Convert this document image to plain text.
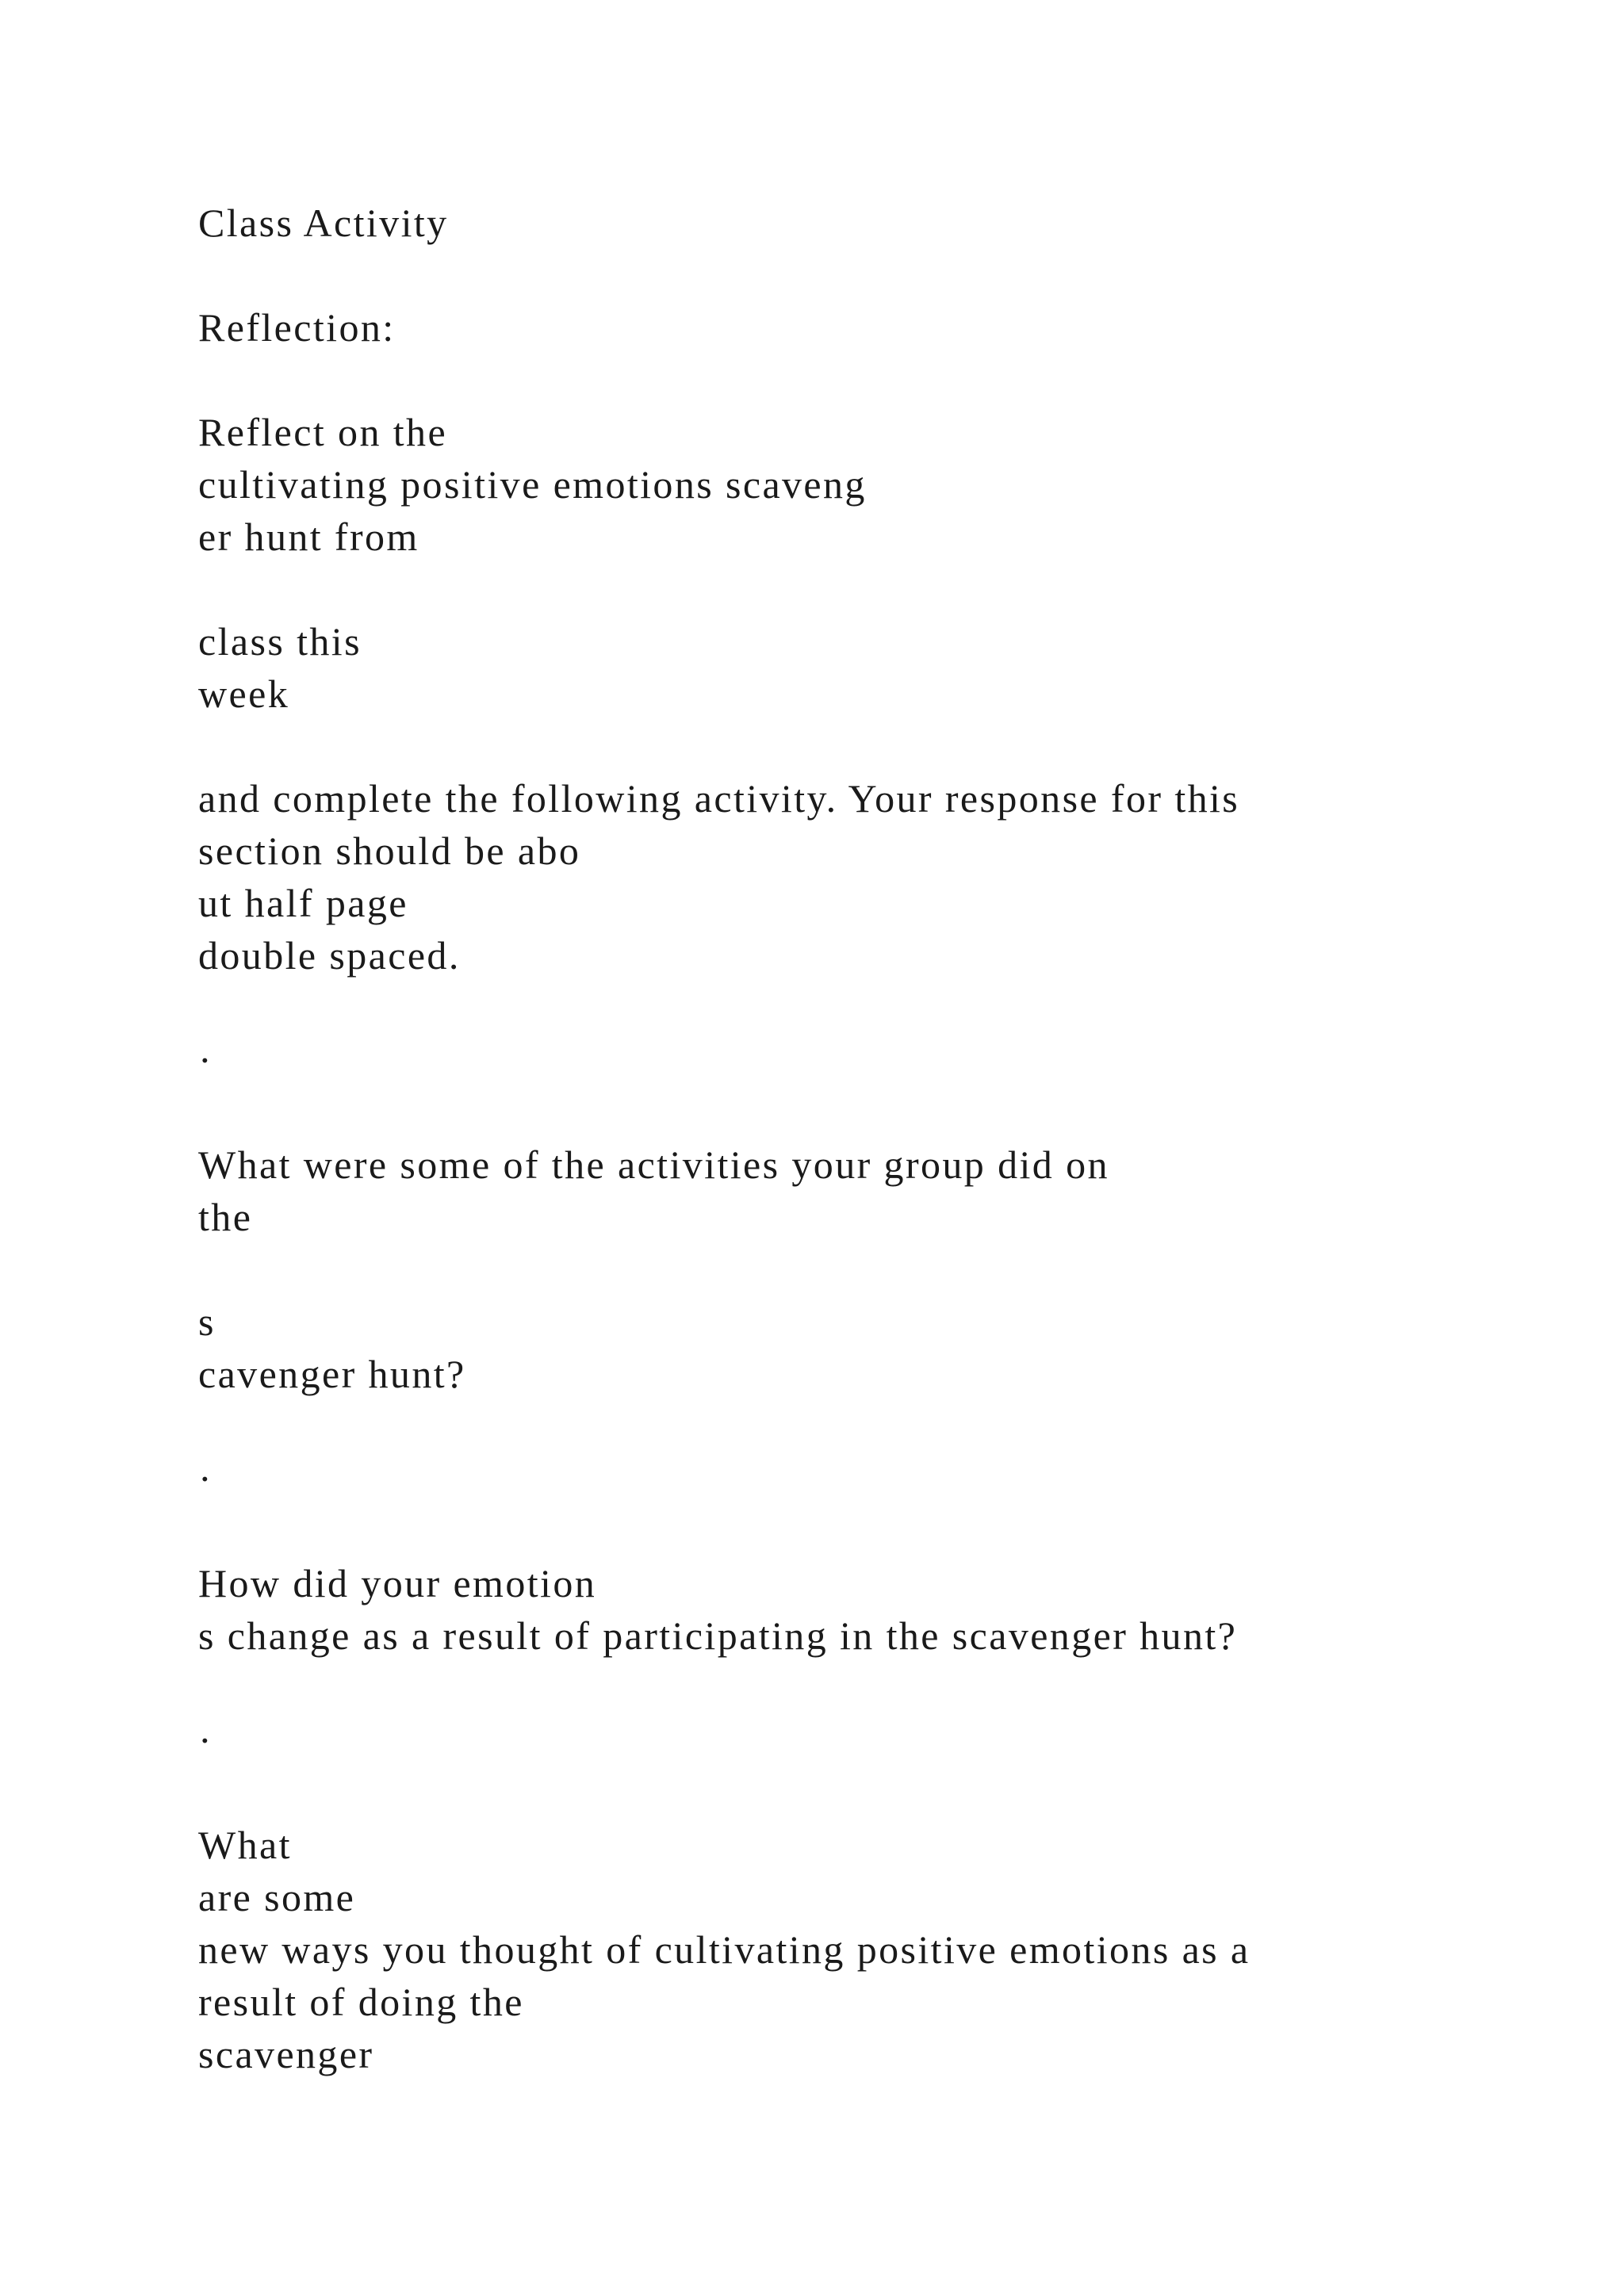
Class Activity
Reflection:
Reflect on the
cultivating positive emotions scaveng
er hunt from
class this
week
and complete the following activity. Your response for this
section should be abo
ut half page
double spaced.
·
What were some of the activities your group did on
the
s
cavenger hunt?
·
How did your emotion
s change as a result of participating in the scavenger hunt?
·
What
are some
new ways you thought of cultivating positive emotions as a
result of doing the
scavenger
